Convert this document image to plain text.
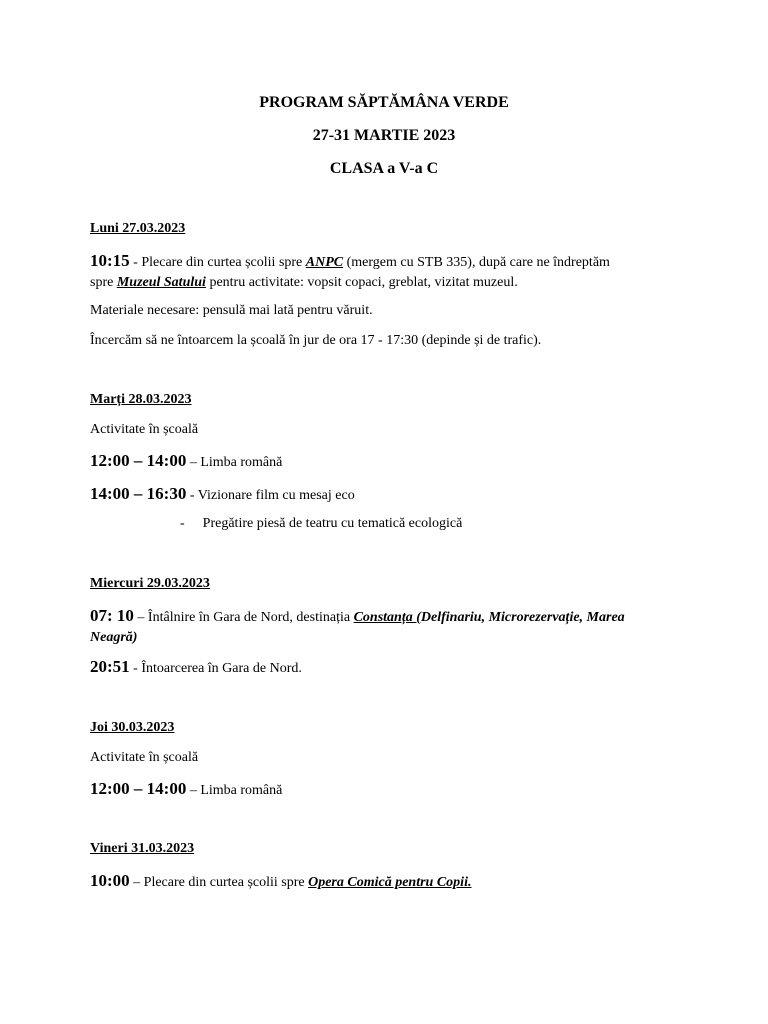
PROGRAM SĂPTĂMÂNA VERDE
27-31 MARTIE 2023
CLASA a V-a C
Luni 27.03.2023
10:15 - Plecare din curtea școlii spre ANPC (mergem cu STB 335), după care ne îndreptăm
spre Muzeul Satului pentru activitate: vopsit copaci, greblat, vizitat muzeul.
Materiale necesare: pensulă mai lată pentru văruit.
Încercăm să ne întoarcem la școală în jur de ora 17 - 17:30 (depinde și de trafic).
Marți 28.03.2023
Activitate în școală
12:00 – 14:00 – Limba română
14:00 – 16:30 - Vizionare film cu mesaj eco
- Pregătire piesă de teatru cu tematică ecologică
Miercuri 29.03.2023
07: 10 – Întâlnire în Gara de Nord, destinația Constanța (Delfinariu, Microrezervație, Marea
Neagră)
20:51 - Întoarcerea în Gara de Nord.
Joi 30.03.2023
Activitate în școală
12:00 – 14:00 – Limba română
Vineri 31.03.2023
10:00 – Plecare din curtea școlii spre Opera Comică pentru Copii.
